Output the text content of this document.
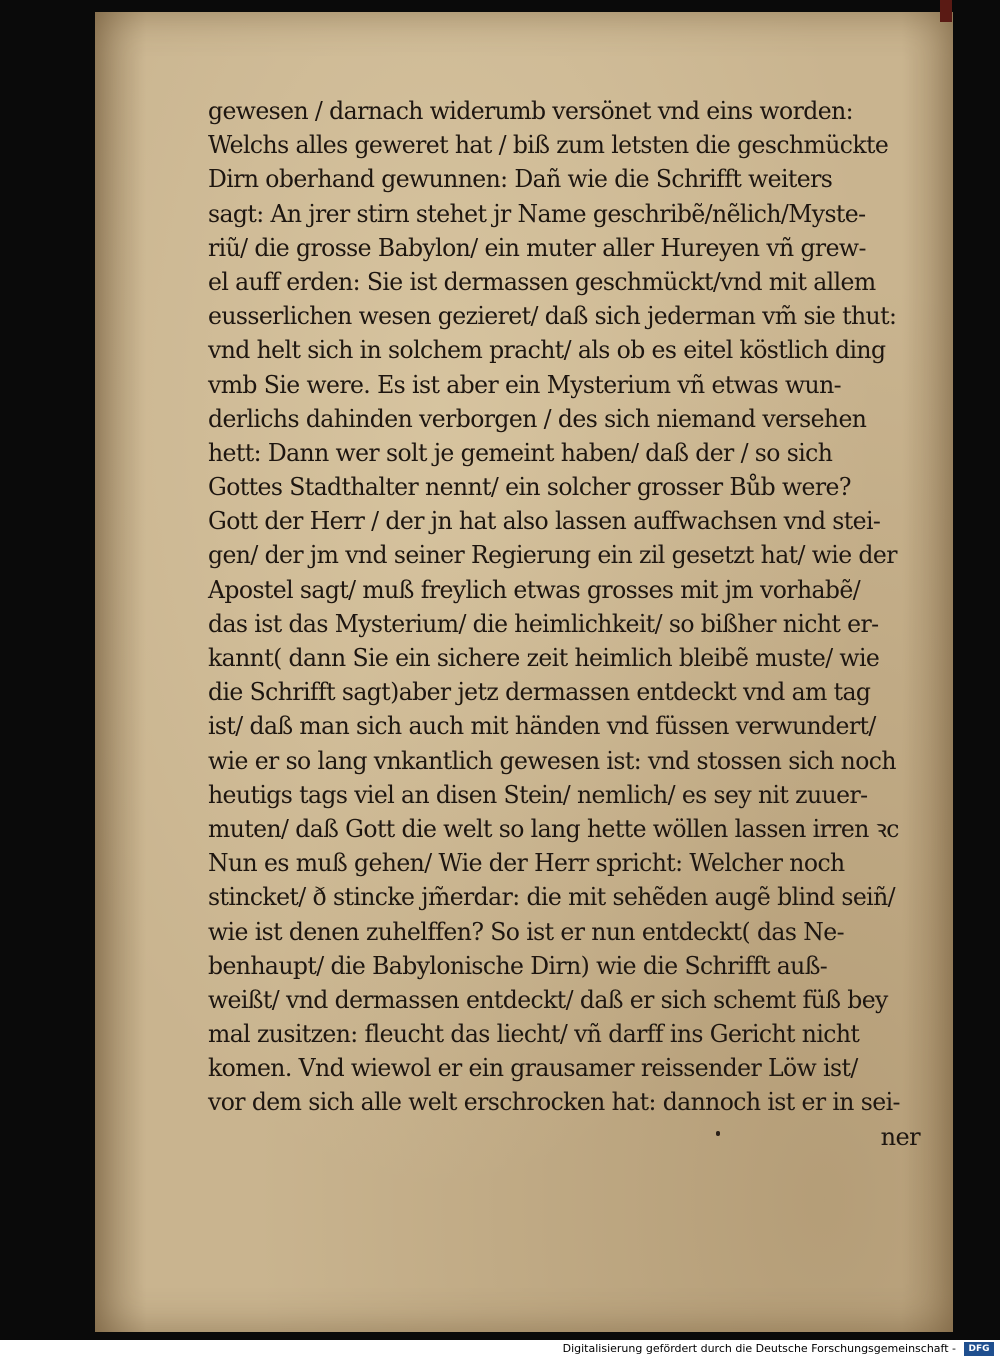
gewesen / darnach widerumb versönet vnd eins worden:
Welchs alles geweret hat / biß zum letsten die geschmückte
Dirn oberhand gewunnen: Dañ wie die Schrifft weiters
sagt: An jrer stirn stehet jr Name geschribẽ/nẽlich/Myste-
riũ/ die grosse Babylon/ ein muter aller Hureyen vñ grew-
el auff erden: Sie ist dermassen geschmückt/vnd mit allem
eusserlichen wesen gezieret/ daß sich jederman vm̃ sie thut:
vnd helt sich in solchem pracht/ als ob es eitel köstlich ding
vmb Sie were. Es ist aber ein Mysterium vñ etwas wun-
derlichs dahinden verborgen / des sich niemand versehen
hett: Dann wer solt je gemeint haben/ daß der / so sich
Gottes Stadthalter nennt/ ein solcher grosser Bůb were?
Gott der Herr / der jn hat also lassen auffwachsen vnd stei-
gen/ der jm vnd seiner Regierung ein zil gesetzt hat/ wie der
Apostel sagt/ muß freylich etwas grosses mit jm vorhabẽ/
das ist das Mysterium/ die heimlichkeit/ so bißher nicht er-
kannt( dann Sie ein sichere zeit heimlich bleibẽ muste/ wie
die Schrifft sagt)aber jetz dermassen entdeckt vnd am tag
ist/ daß man sich auch mit händen vnd füssen verwundert/
wie er so lang vnkantlich gewesen ist: vnd stossen sich noch
heutigs tags viel an disen Stein/ nemlich/ es sey nit zuuer-
muten/ daß Gott die welt so lang hette wöllen lassen irren ꝛc
Nun es muß gehen/ Wie der Herr spricht: Welcher noch
stincket/ ð stincke jm̃erdar: die mit sehẽden augẽ blind seiñ/
wie ist denen zuhelffen? So ist er nun entdeckt( das Ne-
benhaupt/ die Babylonische Dirn) wie die Schrifft auß-
weißt/ vnd dermassen entdeckt/ daß er sich schemt füß bey
mal zusitzen: fleucht das liecht/ vñ darff ins Gericht nicht
komen. Vnd wiewol er ein grausamer reissender Löw ist/
vor dem sich alle welt erschrocken hat: dannoch ist er in sei-
ner
Digitalisierung gefördert durch die Deutsche Forschungsgemeinschaft -	DFG
